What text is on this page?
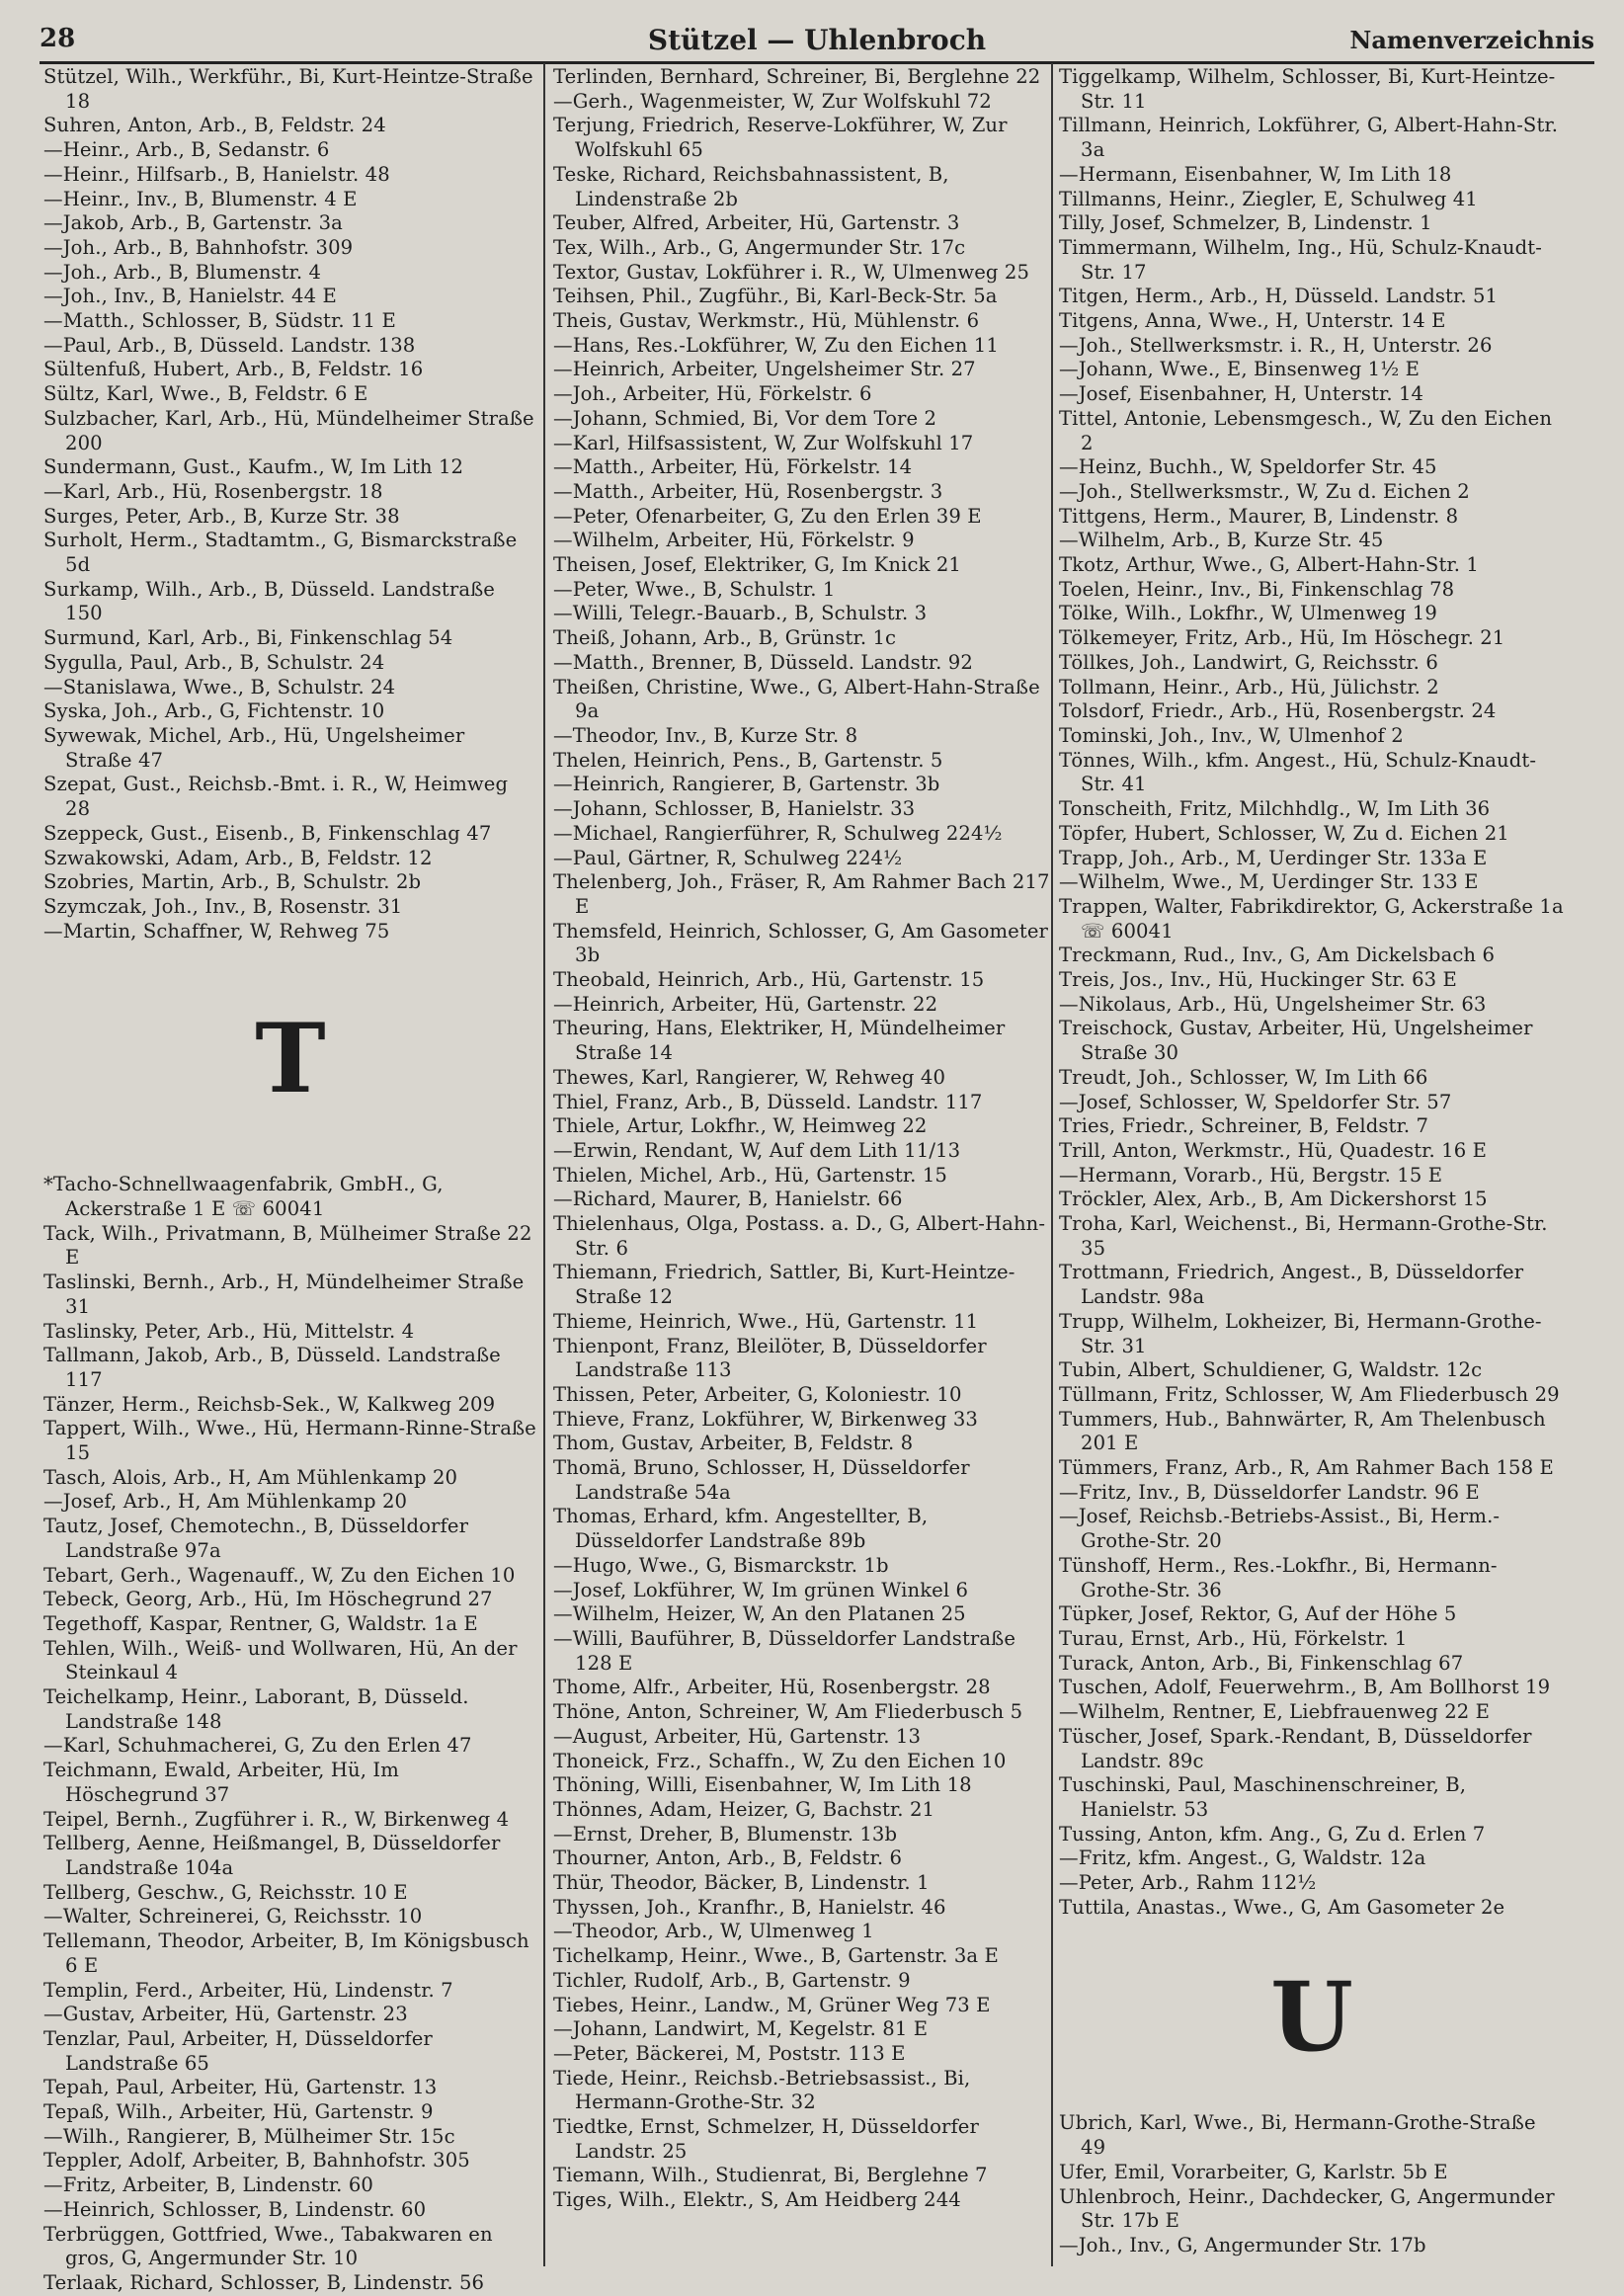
28	Stützel — Uhlenbroch	Namenverzeichnis
Stützel, Wilh., Werkführ., Bi, Kurt-Heintze-Straße 18
Suhren, Anton, Arb., B, Feldstr. 24
—Heinr., Arb., B, Sedanstr. 6
—Heinr., Hilfsarb., B, Hanielstr. 48
—Heinr., Inv., B, Blumenstr. 4 E
—Jakob, Arb., B, Gartenstr. 3a
—Joh., Arb., B, Bahnhofstr. 309
—Joh., Arb., B, Blumenstr. 4
—Joh., Inv., B, Hanielstr. 44 E
—Matth., Schlosser, B, Südstr. 11 E
—Paul, Arb., B, Düsseld. Landstr. 138
Sültenfuß, Hubert, Arb., B, Feldstr. 16
Sültz, Karl, Wwe., B, Feldstr. 6 E
Sulzbacher, Karl, Arb., Hü, Mündelheimer Straße 200
Sundermann, Gust., Kaufm., W, Im Lith 12
—Karl, Arb., Hü, Rosenbergstr. 18
Surges, Peter, Arb., B, Kurze Str. 38
Surholt, Herm., Stadtamtm., G, Bismarckstraße 5d
Surkamp, Wilh., Arb., B, Düsseld. Landstraße 150
Surmund, Karl, Arb., Bi, Finkenschlag 54
Sygulla, Paul, Arb., B, Schulstr. 24
—Stanislawa, Wwe., B, Schulstr. 24
Syska, Joh., Arb., G, Fichtenstr. 10
Sywewak, Michel, Arb., Hü, Ungelsheimer Straße 47
Szepat, Gust., Reichsb.-Bmt. i. R., W, Heimweg 28
Szeppeck, Gust., Eisenb., B, Finkenschlag 47
Szwakowski, Adam, Arb., B, Feldstr. 12
Szobries, Martin, Arb., B, Schulstr. 2b
Szymczak, Joh., Inv., B, Rosenstr. 31
—Martin, Schaffner, W, Rehweg 75
T
*Tacho-Schnellwaagenfabrik, GmbH., G, Ackerstraße 1 E ☏ 60041
Tack, Wilh., Privatmann, B, Mülheimer Straße 22 E
Taslinski, Bernh., Arb., H, Mündelheimer Straße 31
Taslinsky, Peter, Arb., Hü, Mittelstr. 4
Tallmann, Jakob, Arb., B, Düsseld. Landstraße 117
Tänzer, Herm., Reichsb-Sek., W, Kalkweg 209
Tappert, Wilh., Wwe., Hü, Hermann-Rinne-Straße 15
Tasch, Alois, Arb., H, Am Mühlenkamp 20
—Josef, Arb., H, Am Mühlenkamp 20
Tautz, Josef, Chemotechn., B, Düsseldorfer Landstraße 97a
Tebart, Gerh., Wagenauff., W, Zu den Eichen 10
Tebeck, Georg, Arb., Hü, Im Höschegrund 27
Tegethoff, Kaspar, Rentner, G, Waldstr. 1a E
Tehlen, Wilh., Weiß- und Wollwaren, Hü, An der Steinkaul 4
Teichelkamp, Heinr., Laborant, B, Düsseld. Landstraße 148
—Karl, Schuhmacherei, G, Zu den Erlen 47
Teichmann, Ewald, Arbeiter, Hü, Im Höschegrund 37
Teipel, Bernh., Zugführer i. R., W, Birkenweg 4
Tellberg, Aenne, Heißmangel, B, Düsseldorfer Landstraße 104a
Tellberg, Geschw., G, Reichsstr. 10 E
—Walter, Schreinerei, G, Reichsstr. 10
Tellemann, Theodor, Arbeiter, B, Im Königsbusch 6 E
Templin, Ferd., Arbeiter, Hü, Lindenstr. 7
—Gustav, Arbeiter, Hü, Gartenstr. 23
Tenzlar, Paul, Arbeiter, H, Düsseldorfer Landstraße 65
Tepah, Paul, Arbeiter, Hü, Gartenstr. 13
Tepaß, Wilh., Arbeiter, Hü, Gartenstr. 9
—Wilh., Rangierer, B, Mülheimer Str. 15c
Teppler, Adolf, Arbeiter, B, Bahnhofstr. 305
—Fritz, Arbeiter, B, Lindenstr. 60
—Heinrich, Schlosser, B, Lindenstr. 60
Terbrüggen, Gottfried, Wwe., Tabakwaren en gros, G, Angermunder Str. 10
Terlaak, Richard, Schlosser, B, Lindenstr. 56
Terlinden, Bernhard, Schreiner, Bi, Berglehne 22
—Gerh., Wagenmeister, W, Zur Wolfskuhl 72
Terjung, Friedrich, Reserve-Lokführer, W, Zur Wolfskuhl 65
Teske, Richard, Reichsbahnassistent, B, Lindenstraße 2b
Teuber, Alfred, Arbeiter, Hü, Gartenstr. 3
Tex, Wilh., Arb., G, Angermunder Str. 17c
Textor, Gustav, Lokführer i. R., W, Ulmenweg 25
Teihsen, Phil., Zugführ., Bi, Karl-Beck-Str. 5a
Theis, Gustav, Werkmstr., Hü, Mühlenstr. 6
—Hans, Res.-Lokführer, W, Zu den Eichen 11
—Heinrich, Arbeiter, Ungelsheimer Str. 27
—Joh., Arbeiter, Hü, Förkelstr. 6
—Johann, Schmied, Bi, Vor dem Tore 2
—Karl, Hilfsassistent, W, Zur Wolfskuhl 17
—Matth., Arbeiter, Hü, Förkelstr. 14
—Matth., Arbeiter, Hü, Rosenbergstr. 3
—Peter, Ofenarbeiter, G, Zu den Erlen 39 E
—Wilhelm, Arbeiter, Hü, Förkelstr. 9
Theisen, Josef, Elektriker, G, Im Knick 21
—Peter, Wwe., B, Schulstr. 1
—Willi, Telegr.-Bauarb., B, Schulstr. 3
Theiß, Johann, Arb., B, Grünstr. 1c
—Matth., Brenner, B, Düsseld. Landstr. 92
Theißen, Christine, Wwe., G, Albert-Hahn-Straße 9a
—Theodor, Inv., B, Kurze Str. 8
Thelen, Heinrich, Pens., B, Gartenstr. 5
—Heinrich, Rangierer, B, Gartenstr. 3b
—Johann, Schlosser, B, Hanielstr. 33
—Michael, Rangierführer, R, Schulweg 224½
—Paul, Gärtner, R, Schulweg 224½
Thelenberg, Joh., Fräser, R, Am Rahmer Bach 217 E
Themsfeld, Heinrich, Schlosser, G, Am Gasometer 3b
Theobald, Heinrich, Arb., Hü, Gartenstr. 15
—Heinrich, Arbeiter, Hü, Gartenstr. 22
Theuring, Hans, Elektriker, H, Mündelheimer Straße 14
Thewes, Karl, Rangierer, W, Rehweg 40
Thiel, Franz, Arb., B, Düsseld. Landstr. 117
Thiele, Artur, Lokfhr., W, Heimweg 22
—Erwin, Rendant, W, Auf dem Lith 11/13
Thielen, Michel, Arb., Hü, Gartenstr. 15
—Richard, Maurer, B, Hanielstr. 66
Thielenhaus, Olga, Postass. a. D., G, Albert-Hahn-Str. 6
Thiemann, Friedrich, Sattler, Bi, Kurt-Heintze-Straße 12
Thieme, Heinrich, Wwe., Hü, Gartenstr. 11
Thienpont, Franz, Bleilöter, B, Düsseldorfer Landstraße 113
Thissen, Peter, Arbeiter, G, Koloniestr. 10
Thieve, Franz, Lokführer, W, Birkenweg 33
Thom, Gustav, Arbeiter, B, Feldstr. 8
Thomä, Bruno, Schlosser, H, Düsseldorfer Landstraße 54a
Thomas, Erhard, kfm. Angestellter, B, Düsseldorfer Landstraße 89b
—Hugo, Wwe., G, Bismarckstr. 1b
—Josef, Lokführer, W, Im grünen Winkel 6
—Wilhelm, Heizer, W, An den Platanen 25
—Willi, Bauführer, B, Düsseldorfer Landstraße 128 E
Thome, Alfr., Arbeiter, Hü, Rosenbergstr. 28
Thöne, Anton, Schreiner, W, Am Fliederbusch 5
—August, Arbeiter, Hü, Gartenstr. 13
Thoneick, Frz., Schaffn., W, Zu den Eichen 10
Thöning, Willi, Eisenbahner, W, Im Lith 18
Thönnes, Adam, Heizer, G, Bachstr. 21
—Ernst, Dreher, B, Blumenstr. 13b
Thourner, Anton, Arb., B, Feldstr. 6
Thür, Theodor, Bäcker, B, Lindenstr. 1
Thyssen, Joh., Kranfhr., B, Hanielstr. 46
—Theodor, Arb., W, Ulmenweg 1
Tichelkamp, Heinr., Wwe., B, Gartenstr. 3a E
Tichler, Rudolf, Arb., B, Gartenstr. 9
Tiebes, Heinr., Landw., M, Grüner Weg 73 E
—Johann, Landwirt, M, Kegelstr. 81 E
—Peter, Bäckerei, M, Poststr. 113 E
Tiede, Heinr., Reichsb.-Betriebsassist., Bi, Hermann-Grothe-Str. 32
Tiedtke, Ernst, Schmelzer, H, Düsseldorfer Landstr. 25
Tiemann, Wilh., Studienrat, Bi, Berglehne 7
Tiges, Wilh., Elektr., S, Am Heidberg 244
Tiggelkamp, Wilhelm, Schlosser, Bi, Kurt-Heintze-Str. 11
Tillmann, Heinrich, Lokführer, G, Albert-Hahn-Str. 3a
—Hermann, Eisenbahner, W, Im Lith 18
Tillmanns, Heinr., Ziegler, E, Schulweg 41
Tilly, Josef, Schmelzer, B, Lindenstr. 1
Timmermann, Wilhelm, Ing., Hü, Schulz-Knaudt-Str. 17
Titgen, Herm., Arb., H, Düsseld. Landstr. 51
Titgens, Anna, Wwe., H, Unterstr. 14 E
—Joh., Stellwerksmstr. i. R., H, Unterstr. 26
—Johann, Wwe., E, Binsenweg 1½ E
—Josef, Eisenbahner, H, Unterstr. 14
Tittel, Antonie, Lebensmgesch., W, Zu den Eichen 2
—Heinz, Buchh., W, Speldorfer Str. 45
—Joh., Stellwerksmstr., W, Zu d. Eichen 2
Tittgens, Herm., Maurer, B, Lindenstr. 8
—Wilhelm, Arb., B, Kurze Str. 45
Tkotz, Arthur, Wwe., G, Albert-Hahn-Str. 1
Toelen, Heinr., Inv., Bi, Finkenschlag 78
Tölke, Wilh., Lokfhr., W, Ulmenweg 19
Tölkemeyer, Fritz, Arb., Hü, Im Höschegr. 21
Töllkes, Joh., Landwirt, G, Reichsstr. 6
Tollmann, Heinr., Arb., Hü, Jülichstr. 2
Tolsdorf, Friedr., Arb., Hü, Rosenbergstr. 24
Tominski, Joh., Inv., W, Ulmenhof 2
Tönnes, Wilh., kfm. Angest., Hü, Schulz-Knaudt-Str. 41
Tonscheith, Fritz, Milchhdlg., W, Im Lith 36
Töpfer, Hubert, Schlosser, W, Zu d. Eichen 21
Trapp, Joh., Arb., M, Uerdinger Str. 133a E
—Wilhelm, Wwe., M, Uerdinger Str. 133 E
Trappen, Walter, Fabrikdirektor, G, Ackerstraße 1a ☏ 60041
Treckmann, Rud., Inv., G, Am Dickelsbach 6
Treis, Jos., Inv., Hü, Huckinger Str. 63 E
—Nikolaus, Arb., Hü, Ungelsheimer Str. 63
Treischock, Gustav, Arbeiter, Hü, Ungelsheimer Straße 30
Treudt, Joh., Schlosser, W, Im Lith 66
—Josef, Schlosser, W, Speldorfer Str. 57
Tries, Friedr., Schreiner, B, Feldstr. 7
Trill, Anton, Werkmstr., Hü, Quadestr. 16 E
—Hermann, Vorarb., Hü, Bergstr. 15 E
Tröckler, Alex, Arb., B, Am Dickershorst 15
Troha, Karl, Weichenst., Bi, Hermann-Grothe-Str. 35
Trottmann, Friedrich, Angest., B, Düsseldorfer Landstr. 98a
Trupp, Wilhelm, Lokheizer, Bi, Hermann-Grothe-Str. 31
Tubin, Albert, Schuldiener, G, Waldstr. 12c
Tüllmann, Fritz, Schlosser, W, Am Fliederbusch 29
Tummers, Hub., Bahnwärter, R, Am Thelenbusch 201 E
Tümmers, Franz, Arb., R, Am Rahmer Bach 158 E
—Fritz, Inv., B, Düsseldorfer Landstr. 96 E
—Josef, Reichsb.-Betriebs-Assist., Bi, Herm.-Grothe-Str. 20
Tünshoff, Herm., Res.-Lokfhr., Bi, Hermann-Grothe-Str. 36
Tüpker, Josef, Rektor, G, Auf der Höhe 5
Turau, Ernst, Arb., Hü, Förkelstr. 1
Turack, Anton, Arb., Bi, Finkenschlag 67
Tuschen, Adolf, Feuerwehrm., B, Am Bollhorst 19
—Wilhelm, Rentner, E, Liebfrauenweg 22 E
Tüscher, Josef, Spark.-Rendant, B, Düsseldorfer Landstr. 89c
Tuschinski, Paul, Maschinenschreiner, B, Hanielstr. 53
Tussing, Anton, kfm. Ang., G, Zu d. Erlen 7
—Fritz, kfm. Angest., G, Waldstr. 12a
—Peter, Arb., Rahm 112½
Tuttila, Anastas., Wwe., G, Am Gasometer 2e
U
Ubrich, Karl, Wwe., Bi, Hermann-Grothe-Straße 49
Ufer, Emil, Vorarbeiter, G, Karlstr. 5b E
Uhlenbroch, Heinr., Dachdecker, G, Angermunder Str. 17b E
—Joh., Inv., G, Angermunder Str. 17b
